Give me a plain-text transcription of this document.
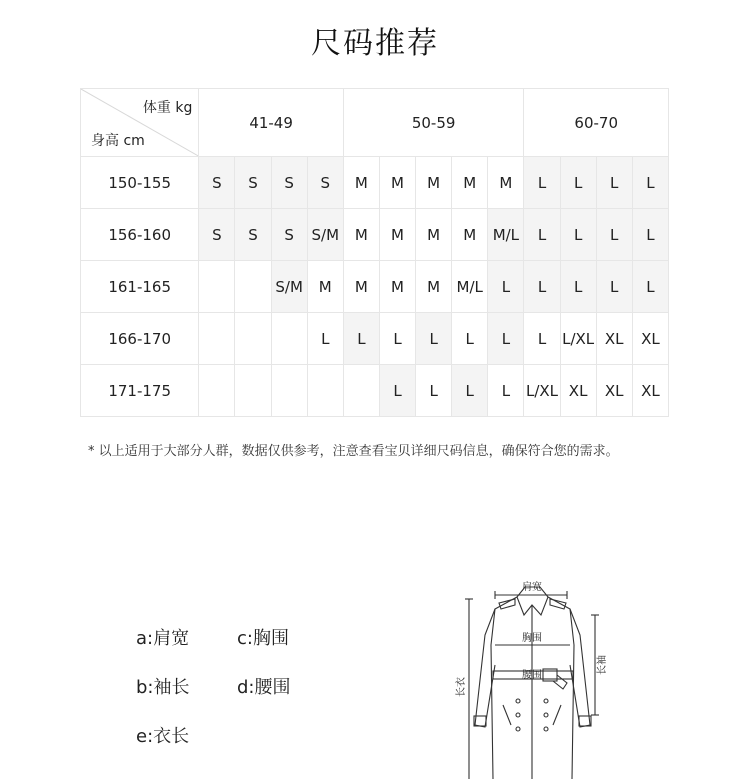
尺码推荐
体重 kg
身高 cm	41-49				50-59					60-70			
150-155	S	S	S	S	M	M	M	M	M	L	L	L	L
156-160	S	S	S	S/M	M	M	M	M	M/L	L	L	L	L
161-165			S/M	M	M	M	M	M/L	L	L	L	L	L
166-170				L	L	L	L	L	L	L	L/XL	XL	XL
171-175						L	L	L	L	L/XL	XL	XL	XL
* 以上适用于大部分人群，数据仅供参考，注意查看宝贝详细尺码信息，确保符合您的需求。
a:肩宽	c:胸围
b:袖长	d:腰围
e:衣长
肩宽
胸围
腰围
长衣
长袖
